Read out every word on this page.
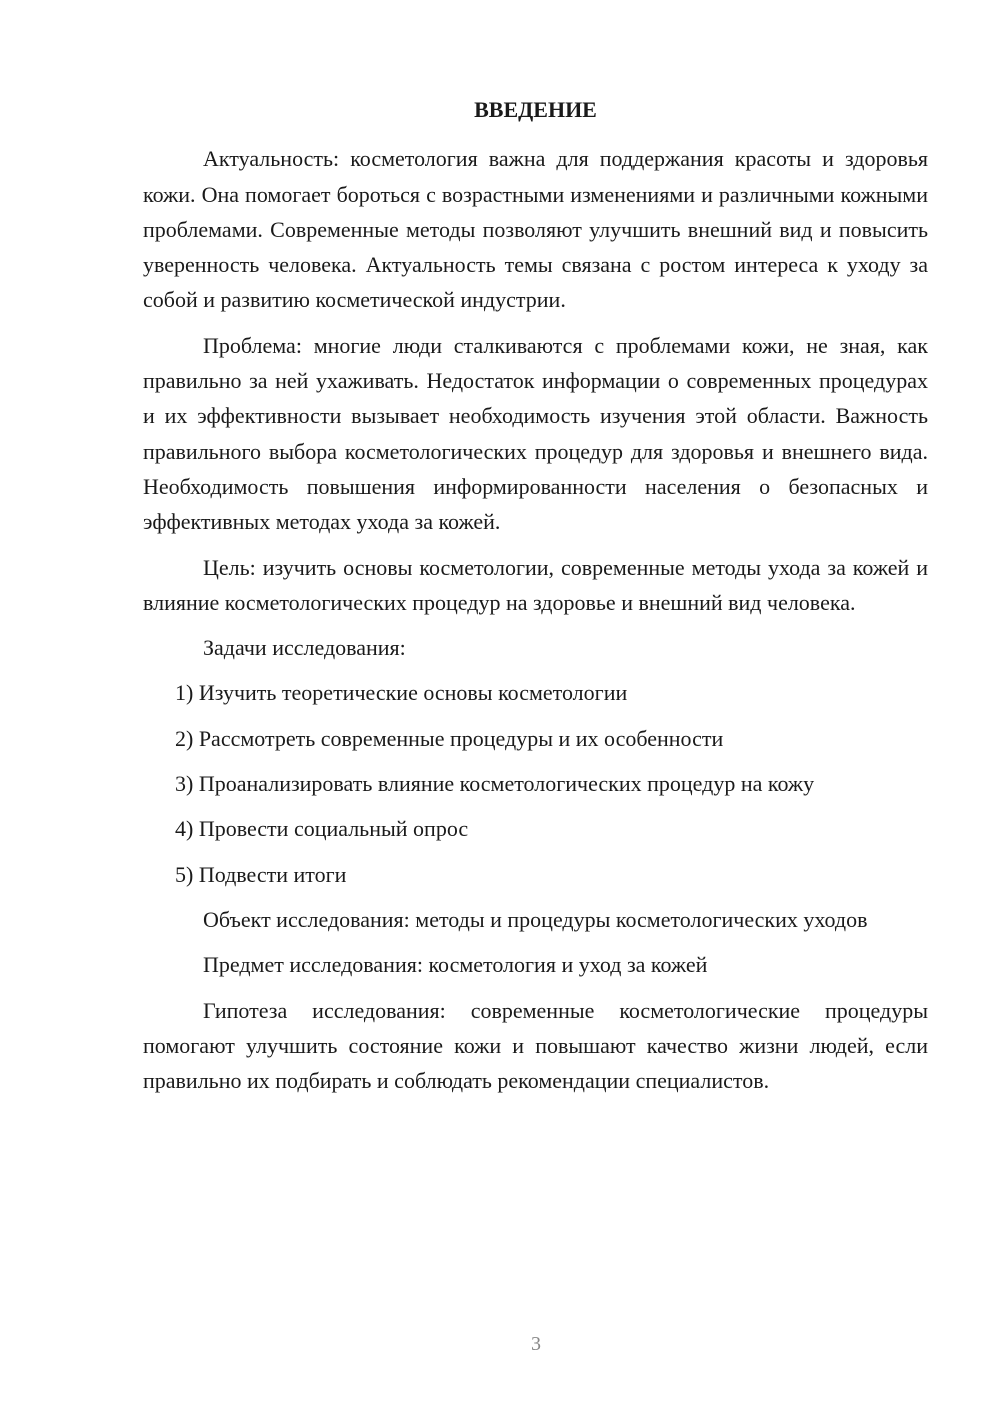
ВВЕДЕНИЕ

Актуальность: косметология важна для поддержания красоты и здоровья кожи. Она помогает бороться с возрастными изменениями и различными кожными проблемами. Современные методы позволяют улучшить внешний вид и повысить уверенность человека. Актуальность темы связана с ростом интереса к уходу за собой и развитию косметической индустрии.

Проблема: многие люди сталкиваются с проблемами кожи, не зная, как правильно за ней ухаживать. Недостаток информации о современных процедурах и их эффективности вызывает необходимость изучения этой области. Важность правильного выбора косметологических процедур для здоровья и внешнего вида. Необходимость повышения информированности населения о безопасных и эффективных методах ухода за кожей.

Цель: изучить основы косметологии, современные методы ухода за кожей и влияние косметологических процедур на здоровье и внешний вид человека.

Задачи исследования:

1) Изучить теоретические основы косметологии

2) Рассмотреть современные процедуры и их особенности

3) Проанализировать влияние косметологических процедур на кожу

4) Провести социальный опрос

5) Подвести итоги

Объект исследования: методы и процедуры косметологических уходов

Предмет исследования: косметология и уход за кожей

Гипотеза исследования: современные косметологические процедуры помогают улучшить состояние кожи и повышают качество жизни людей, если правильно их подбирать и соблюдать рекомендации специалистов.

3
